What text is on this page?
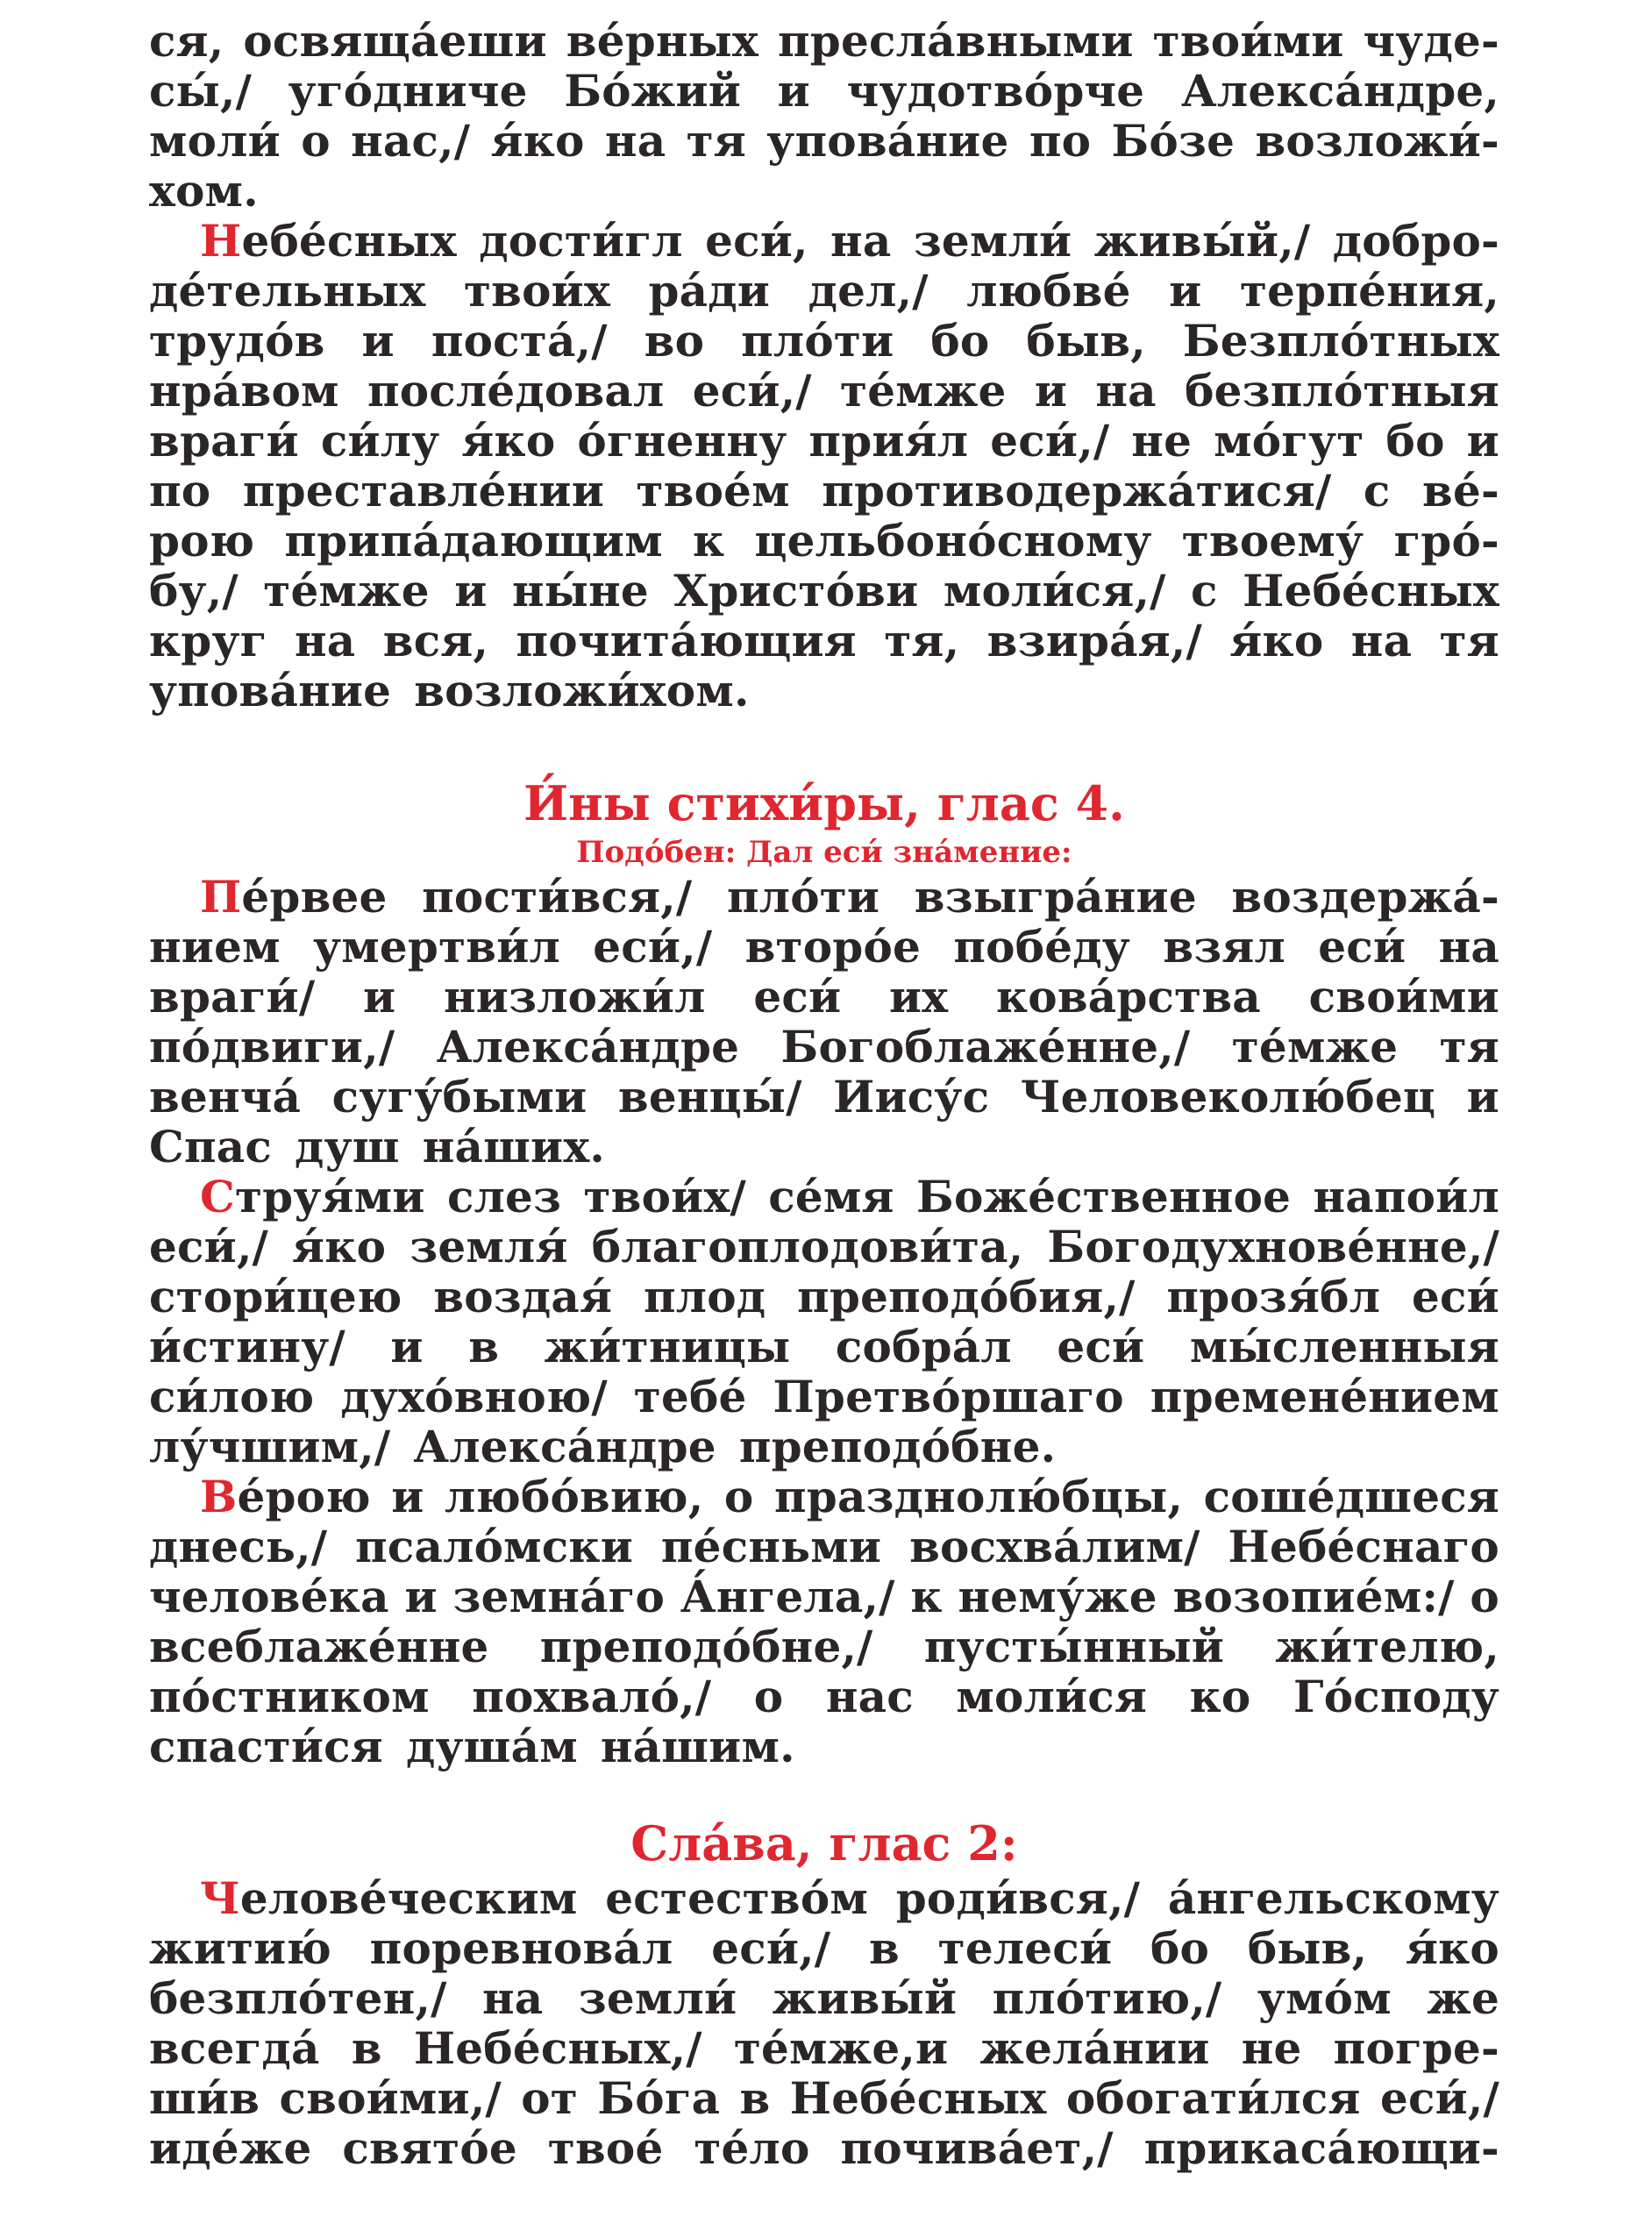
ся, освяща́еши ве́рных пресла́вными твои́ми чуде-
сы́,/ уго́дниче Бо́жий и чудотво́рче Алекса́ндре,
моли́ о нас,/ я́ко на тя упова́ние по Бо́зе возложи́-
хом.
Небе́сных дости́гл еси́, на земли́ живы́й,/ добро-
де́тельных твои́х ра́ди дел,/ любве́ и терпе́ния,
трудо́в и поста́,/ во пло́ти бо быв, Безпло́тных
нра́вом после́довал еси́,/ те́мже и на безпло́тныя
враги́ си́лу я́ко о́гненну прия́л еси́,/ не мо́гут бо и
по преставле́нии твое́м противодержа́тися/ с ве́-
рою припа́дающим к цельбоно́сному твоему́ гро́-
бу,/ те́мже и ны́не Христо́ви моли́ся,/ с Небе́сных
круг на вся, почита́ющия тя, взира́я,/ я́ко на тя
упова́ние возложи́хом.
И́ны стихи́ры, глас 4.
Подо́бен: Дал еси́ зна́мение:
Пе́рвее пости́вся,/ пло́ти взыгра́ние воздержа́-
нием умертви́л еси́,/ второ́е побе́ду взял еси́ на
враги́/ и низложи́л еси́ их кова́рства свои́ми
по́двиги,/ Алекса́ндре Богоблаже́нне,/ те́мже тя
венча́ сугу́быми венцы́/ Иису́с Человеколю́бец и
Спас душ на́ших.
Струя́ми слез твои́х/ се́мя Боже́ственное напои́л
еси́,/ я́ко земля́ благоплодови́та, Богодухнове́нне,/
стори́цею воздая́ плод преподо́бия,/ прозя́бл еси́
и́стину/ и в жи́тницы собра́л еси́ мы́сленныя
си́лою духо́вною/ тебе́ Претво́ршаго премене́нием
лу́чшим,/ Алекса́ндре преподо́бне.
Ве́рою и любо́вию, о празднолю́бцы, соше́дшеся
днесь,/ псало́мски пе́сньми восхва́лим/ Небе́снаго
челове́ка и земна́го А́нгела,/ к нему́же возопие́м:/ о
всеблаже́нне преподо́бне,/ пусты́нный жи́телю,
по́стником похвало́,/ о нас моли́ся ко Го́споду
спасти́ся душа́м на́шим.
Сла́ва, глас 2:
Челове́ческим естество́м роди́вся,/ а́нгельскому
житию́ поревнова́л еси́,/ в телеси́ бо быв, я́ко
безпло́тен,/ на земли́ живы́й пло́тию,/ умо́м же
всегда́ в Небе́сных,/ те́мже,и жела́нии не погре-
ши́в свои́ми,/ от Бо́га в Небе́сных обогати́лся еси́,/
иде́же свято́е твое́ те́ло почива́ет,/ прикаса́ющи-
